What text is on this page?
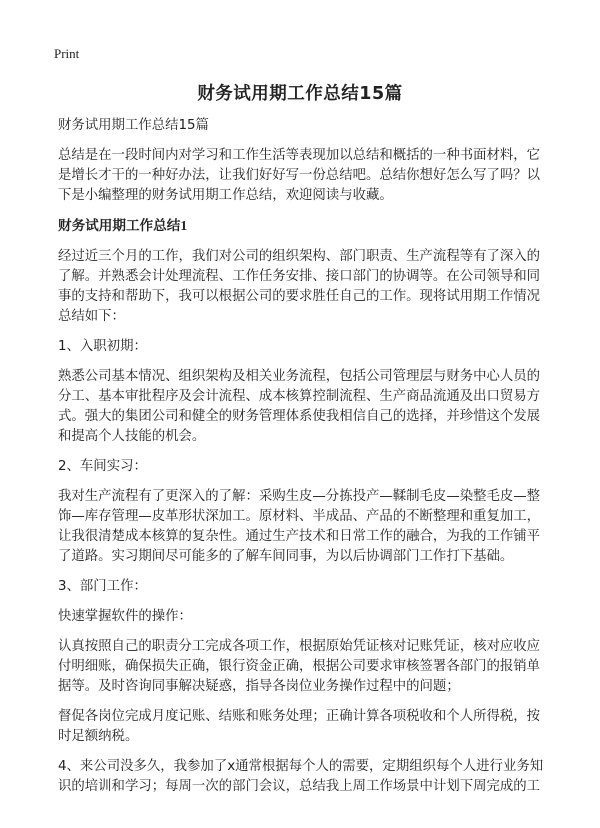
Print
财务试用期工作总结15篇

财务试用期工作总结15篇

总结是在一段时间内对学习和工作生活等表现加以总结和概括的一种书面材料，它是增长才干的一种好办法，让我们好好写一份总结吧。总结你想好怎么写了吗？以下是小编整理的财务试用期工作总结，欢迎阅读与收藏。

财务试用期工作总结1

经过近三个月的工作，我们对公司的组织架构、部门职责、生产流程等有了深入的了解。并熟悉会计处理流程、工作任务安排、接口部门的协调等。在公司领导和同事的支持和帮助下，我可以根据公司的要求胜任自己的工作。现将试用期工作情况总结如下：

1、入职初期：

熟悉公司基本情况、组织架构及相关业务流程，包括公司管理层与财务中心人员的分工、基本审批程序及会计流程、成本核算控制流程、生产商品流通及出口贸易方式。强大的集团公司和健全的财务管理体系使我相信自己的选择，并珍惜这个发展和提高个人技能的机会。

2、车间实习：

我对生产流程有了更深入的了解：采购生皮—分拣投产—鞣制毛皮—染整毛皮—整饰—库存管理—皮革形状深加工。原材料、半成品、产品的不断整理和重复加工，让我很清楚成本核算的复杂性。通过生产技术和日常工作的融合，为我的工作铺平了道路。实习期间尽可能多的了解车间同事，为以后协调部门工作打下基础。

3、部门工作：

快速掌握软件的操作：

认真按照自己的职责分工完成各项工作，根据原始凭证核对记账凭证，核对应收应付明细账，确保损失正确，银行资金正确，根据公司要求审核签署各部门的报销单据等。及时咨询同事解决疑惑，指导各岗位业务操作过程中的问题；

督促各岗位完成月度记账、结账和账务处理；正确计算各项税收和个人所得税，按时足额纳税。

4、来公司没多久，我参加了x通常根据每个人的需要，定期组织每个人进行业务知识的培训和学习；每周一次的部门会议，总结我上周工作场景中计划下周完成的工
